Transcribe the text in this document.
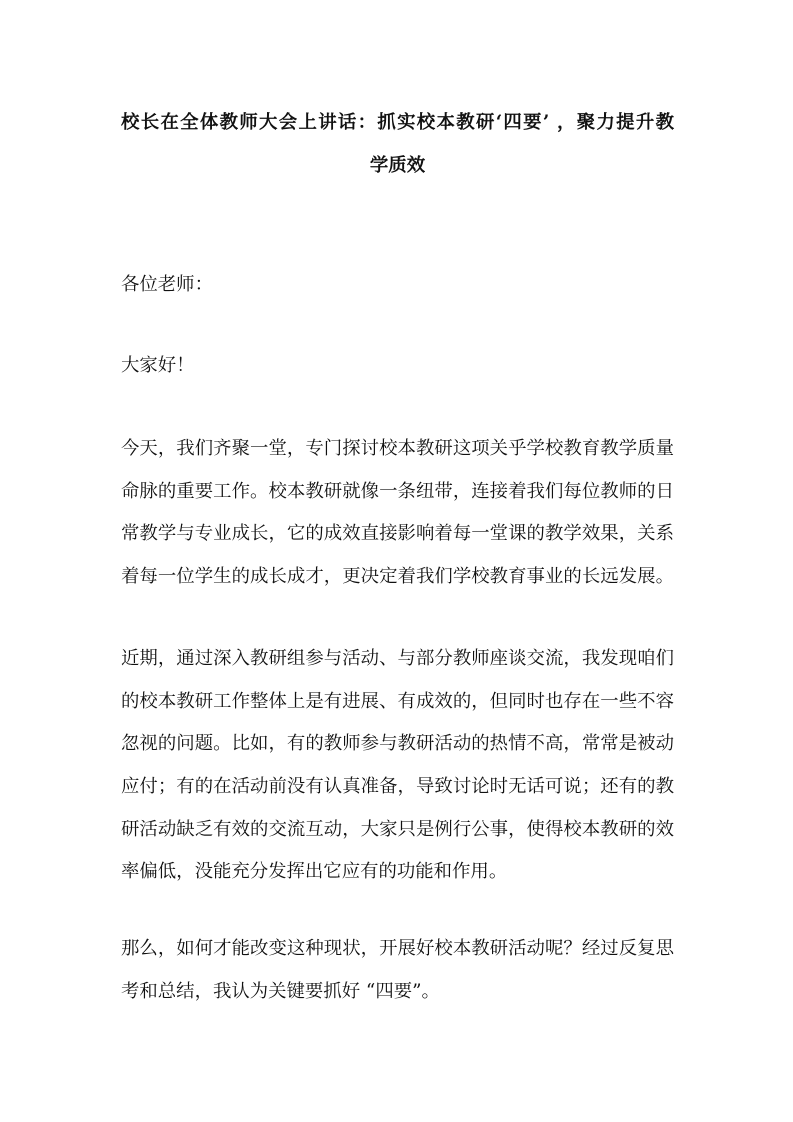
校长在全体教师大会上讲话：抓实校本教研‘四要’ ，聚力提升教
学质效
各位老师：
大家好！
今天，我们齐聚一堂，专门探讨校本教研这项关乎学校教育教学质量
命脉的重要工作。校本教研就像一条纽带，连接着我们每位教师的日
常教学与专业成长，它的成效直接影响着每一堂课的教学效果，关系
着每一位学生的成长成才，更决定着我们学校教育事业的长远发展。
近期，通过深入教研组参与活动、与部分教师座谈交流，我发现咱们
的校本教研工作整体上是有进展、有成效的，但同时也存在一些不容
忽视的问题。比如，有的教师参与教研活动的热情不高，常常是被动
应付；有的在活动前没有认真准备，导致讨论时无话可说；还有的教
研活动缺乏有效的交流互动，大家只是例行公事，使得校本教研的效
率偏低，没能充分发挥出它应有的功能和作用。
那么，如何才能改变这种现状，开展好校本教研活动呢？经过反复思
考和总结，我认为关键要抓好 “四要”。
